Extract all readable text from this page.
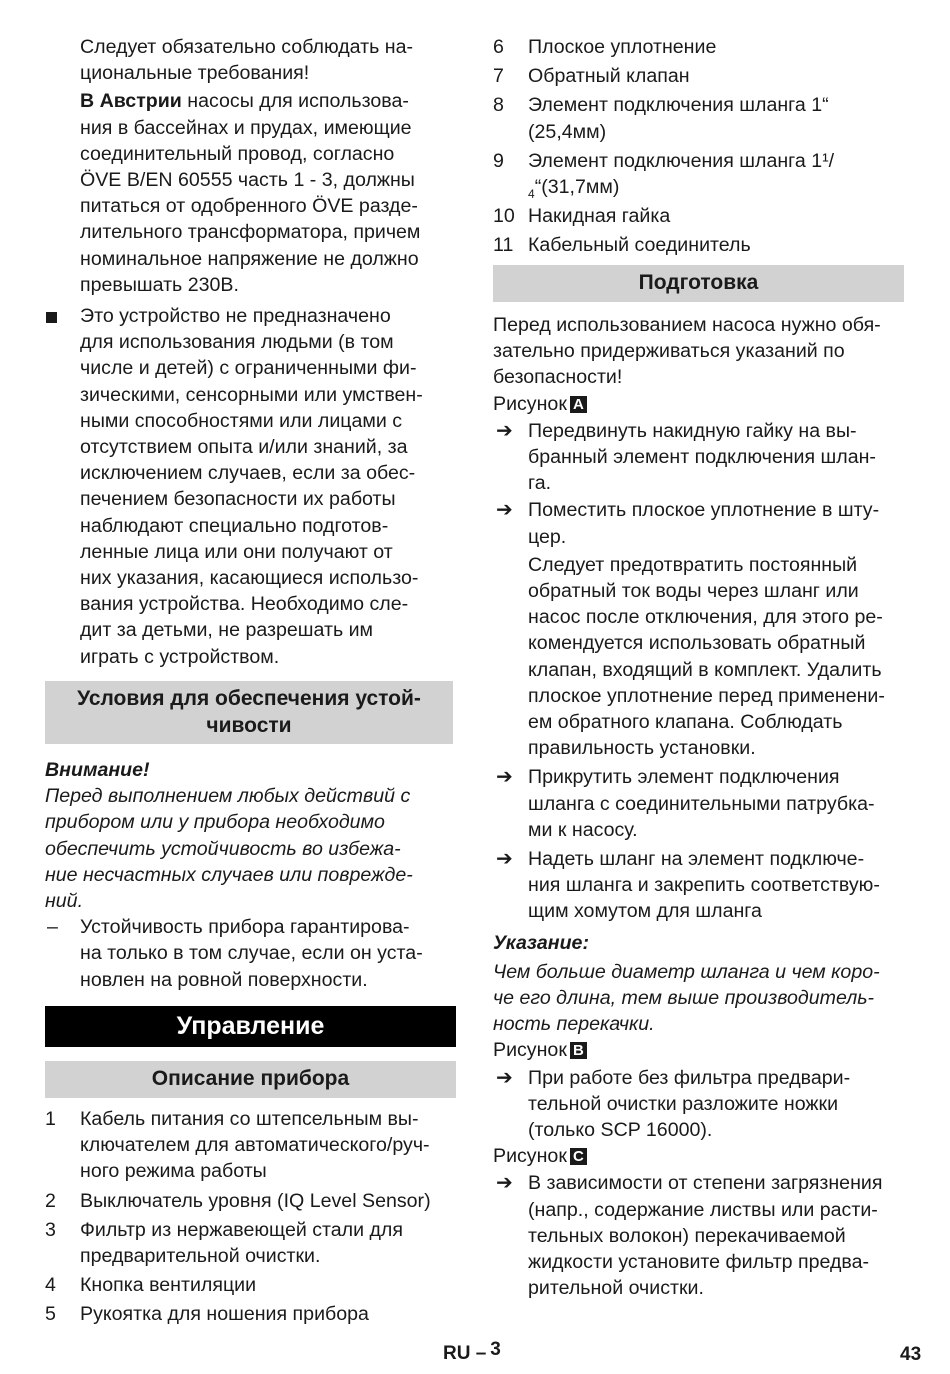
Следует обязательно соблюдать на-
циональные требования!
В Австрии насосы для использова-
ния в бассейнах и прудах, имеющие
соединительный провод, согласно
ÖVE B/EN 60555 часть 1 - 3, должны
питаться от одобренного ÖVE разде-
лительного трансформатора, причем
номинальное напряжение не должно
превышать 230В.
Это устройство не предназначено
для использования людьми (в том
числе и детей) с ограниченными фи-
зическими, сенсорными или умствен-
ными способностями или лицами с
отсутствием опыта и/или знаний, за
исключением случаев, если за обес-
печением безопасности их работы
наблюдают специально подготов-
ленные лица или они получают от
них указания, касающиеся использо-
вания устройства. Необходимо сле-
дит за детьми, не разрешать им
играть с устройством.
Условия для обеспечения устой-
чивости
Внимание!
Перед выполнением любых действий с
прибором или у прибора необходимо
обеспечить устойчивость во избежа-
ние несчастных случаев или поврежде-
ний.
– Устойчивость прибора гарантирова-
на только в том случае, если он уста-
новлен на ровной поверхности.
Управление
Описание прибора
1 Кабель питания со штепсельным вы-
ключателем для автоматического/руч-
ного режима работы
2 Выключатель уровня (IQ Level Sensor)
3 Фильтр из нержавеющей стали для
предварительной очистки.
4 Кнопка вентиляции
5 Рукоятка для ношения прибора
6 Плоское уплотнение
7 Обратный клапан
8 Элемент подключения шланга 1“
(25,4мм)
9 Элемент подключения шланга 1¹/
$_4$“(31,7мм)
10 Накидная гайка
11 Кабельный соединитель
Подготовка
Перед использованием насоса нужно обя-
зательно придерживаться указаний по
безопасности!
Рисунок A
➔ Передвинуть накидную гайку на вы-
бранный элемент подключения шлан-
га.
➔ Поместить плоское уплотнение в шту-
цер.
Следует предотвратить постоянный
обратный ток воды через шланг или
насос после отключения, для этого ре-
комендуется использовать обратный
клапан, входящий в комплект. Удалить
плоское уплотнение перед применени-
ем обратного клапана. Соблюдать
правильность установки.
➔ Прикрутить элемент подключения
шланга с соединительными патрубка-
ми к насосу.
➔ Надеть шланг на элемент подключе-
ния шланга и закрепить соответствую-
щим хомутом для шланга
Указание:
Чем больше диаметр шланга и чем коро-
че его длина, тем выше производитель-
ность перекачки.
Рисунок B
➔ При работе без фильтра предвари-
тельной очистки разложите ножки
(только SCP 16000).
Рисунок C
➔ В зависимости от степени загрязнения
(напр., содержание листвы или расти-
тельных волокон) перекачиваемой
жидкости установите фильтр предва-
рительной очистки.
RU – 3	43
